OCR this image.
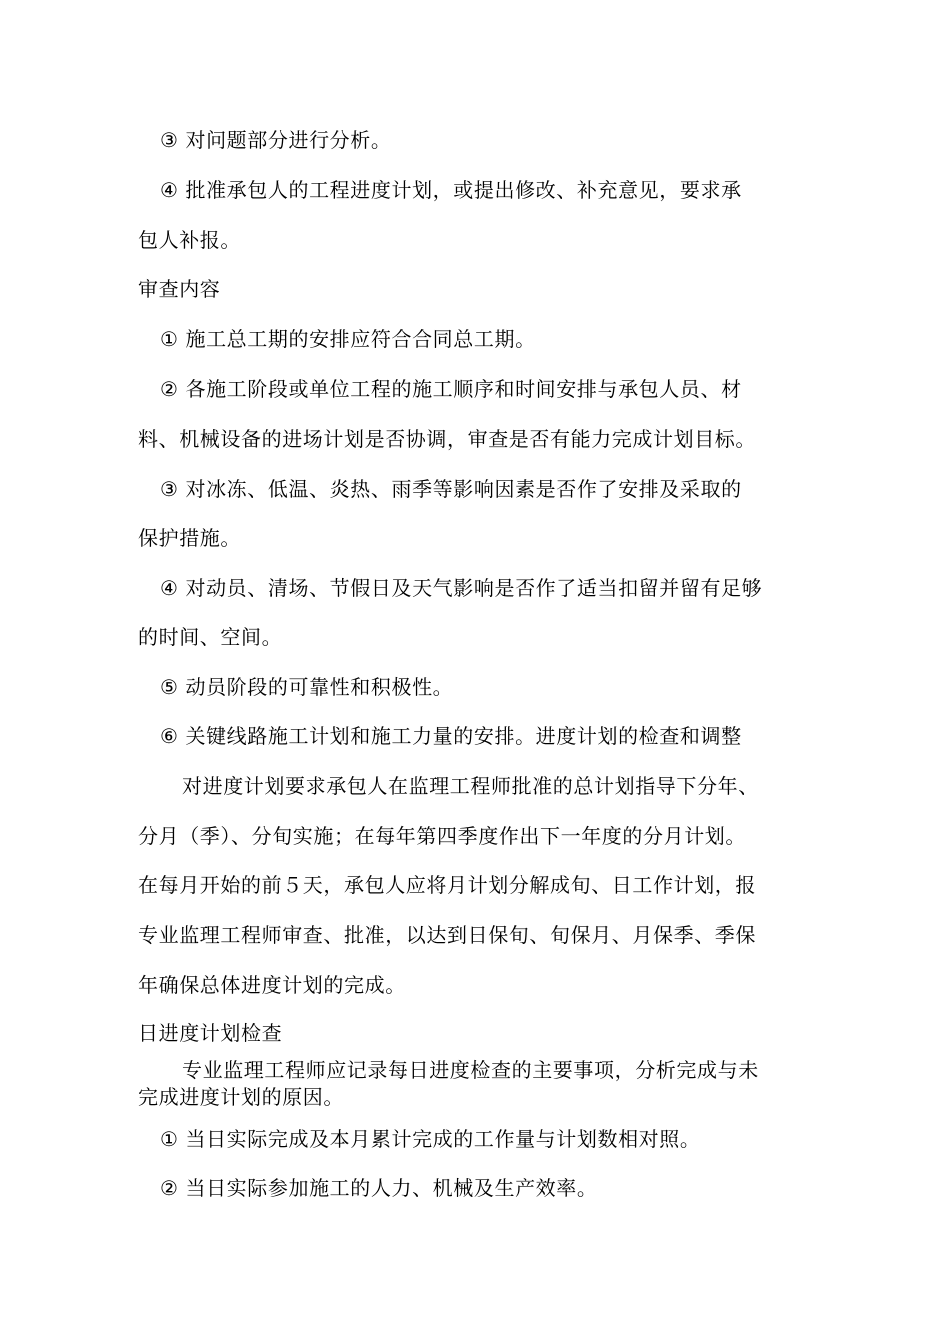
③ 对问题部分进行分析。
④ 批准承包人的工程进度计划，或提出修改、补充意见，要求承
包人补报。
审查内容
① 施工总工期的安排应符合合同总工期。
② 各施工阶段或单位工程的施工顺序和时间安排与承包人员、材
料、机械设备的进场计划是否协调，审查是否有能力完成计划目标。
③ 对冰冻、低温、炎热、雨季等影响因素是否作了安排及采取的
保护措施。
④ 对动员、清场、节假日及天气影响是否作了适当扣留并留有足够
的时间、空间。
⑤ 动员阶段的可靠性和积极性。
⑥ 关键线路施工计划和施工力量的安排。进度计划的检查和调整
对进度计划要求承包人在监理工程师批准的总计划指导下分年、
分月（季）、分旬实施；在每年第四季度作出下一年度的分月计划。
在每月开始的前５天，承包人应将月计划分解成旬、日工作计划，报
专业监理工程师审查、批准，以达到日保旬、旬保月、月保季、季保
年确保总体进度计划的完成。
日进度计划检查
专业监理工程师应记录每日进度检查的主要事项，分析完成与未
完成进度计划的原因。
① 当日实际完成及本月累计完成的工作量与计划数相对照。
② 当日实际参加施工的人力、机械及生产效率。
